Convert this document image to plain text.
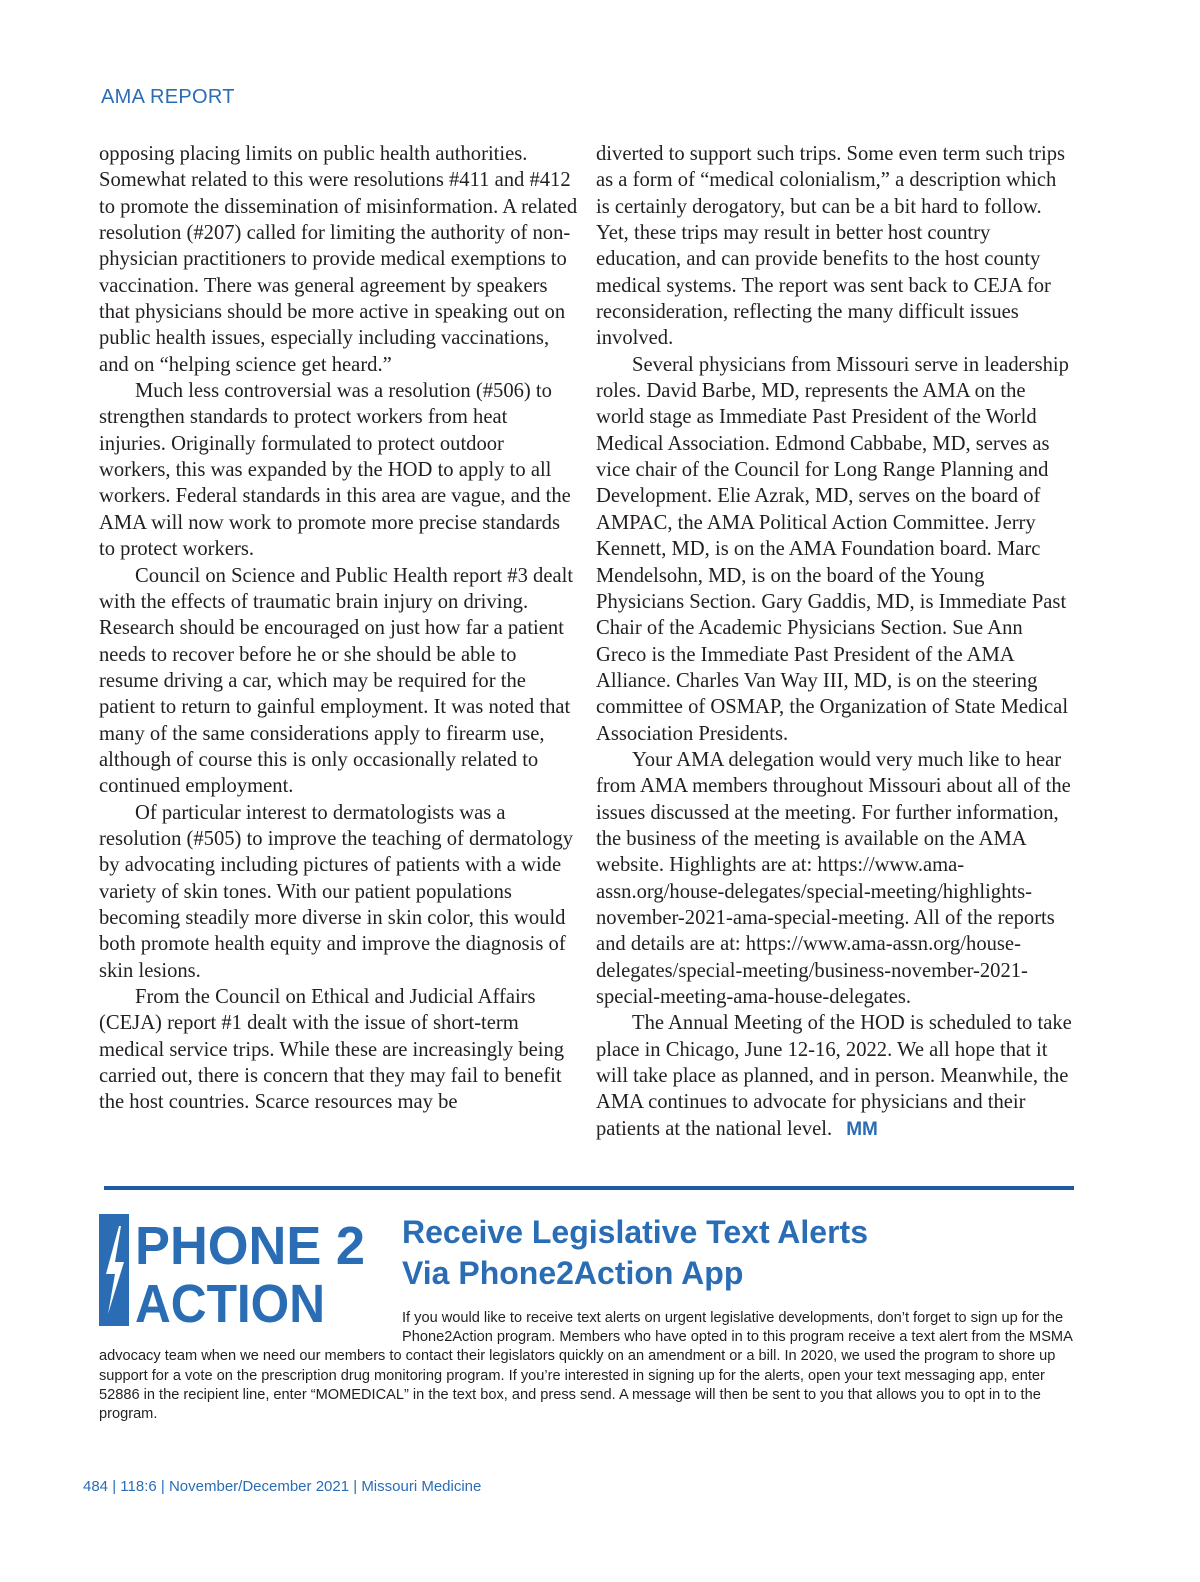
AMA REPORT

opposing placing limits on public health authorities. Somewhat related to this were resolutions #411 and #412 to promote the dissemination of misinformation. A related resolution (#207) called for limiting the authority of non-physician practitioners to provide medical exemptions to vaccination. There was general agreement by speakers that physicians should be more active in speaking out on public health issues, especially including vaccinations, and on “helping science get heard.”

Much less controversial was a resolution (#506) to strengthen standards to protect workers from heat injuries. Originally formulated to protect outdoor workers, this was expanded by the HOD to apply to all workers. Federal standards in this area are vague, and the AMA will now work to promote more precise standards to protect workers.

Council on Science and Public Health report #3 dealt with the effects of traumatic brain injury on driving. Research should be encouraged on just how far a patient needs to recover before he or she should be able to resume driving a car, which may be required for the patient to return to gainful employment. It was noted that many of the same considerations apply to firearm use, although of course this is only occasionally related to continued employment.

Of particular interest to dermatologists was a resolution (#505) to improve the teaching of dermatology by advocating including pictures of patients with a wide variety of skin tones. With our patient populations becoming steadily more diverse in skin color, this would both promote health equity and improve the diagnosis of skin lesions.

From the Council on Ethical and Judicial Affairs (CEJA) report #1 dealt with the issue of short-term medical service trips. While these are increasingly being carried out, there is concern that they may fail to benefit the host countries. Scarce resources may be

diverted to support such trips. Some even term such trips as a form of “medical colonialism,” a description which is certainly derogatory, but can be a bit hard to follow. Yet, these trips may result in better host country education, and can provide benefits to the host county medical systems. The report was sent back to CEJA for reconsideration, reflecting the many difficult issues involved.

Several physicians from Missouri serve in leadership roles. David Barbe, MD, represents the AMA on the world stage as Immediate Past President of the World Medical Association. Edmond Cabbabe, MD, serves as vice chair of the Council for Long Range Planning and Development. Elie Azrak, MD, serves on the board of AMPAC, the AMA Political Action Committee. Jerry Kennett, MD, is on the AMA Foundation board. Marc Mendelsohn, MD, is on the board of the Young Physicians Section. Gary Gaddis, MD, is Immediate Past Chair of the Academic Physicians Section. Sue Ann Greco is the Immediate Past President of the AMA Alliance. Charles Van Way III, MD, is on the steering committee of OSMAP, the Organization of State Medical Association Presidents.

Your AMA delegation would very much like to hear from AMA members throughout Missouri about all of the issues discussed at the meeting. For further information, the business of the meeting is available on the AMA website. Highlights are at: https://www.ama-assn.org/house-delegates/special-meeting/highlights-november-2021-ama-special-meeting. All of the reports and details are at: https://www.ama-assn.org/house-delegates/special-meeting/business-november-2021-special-meeting-ama-house-delegates.

The Annual Meeting of the HOD is scheduled to take place in Chicago, June 12-16, 2022. We all hope that it will take place as planned, and in person. Meanwhile, the AMA continues to advocate for physicians and their patients at the national level. MM

PHONE 2
ACTION
Receive Legislative Text Alerts
Via Phone2Action App
If you would like to receive text alerts on urgent legislative developments, don’t forget to sign up for the Phone2Action program. Members who have opted in to this program receive a text alert from the MSMA advocacy team when we need our members to contact their legislators quickly on an amendment or a bill. In 2020, we used the program to shore up support for a vote on the prescription drug monitoring program. If you’re interested in signing up for the alerts, open your text messaging app, enter 52886 in the recipient line, enter “MOMEDICAL” in the text box, and press send. A message will then be sent to you that allows you to opt in to the program.
484 | 118:6 | November/December 2021 | Missouri Medicine
